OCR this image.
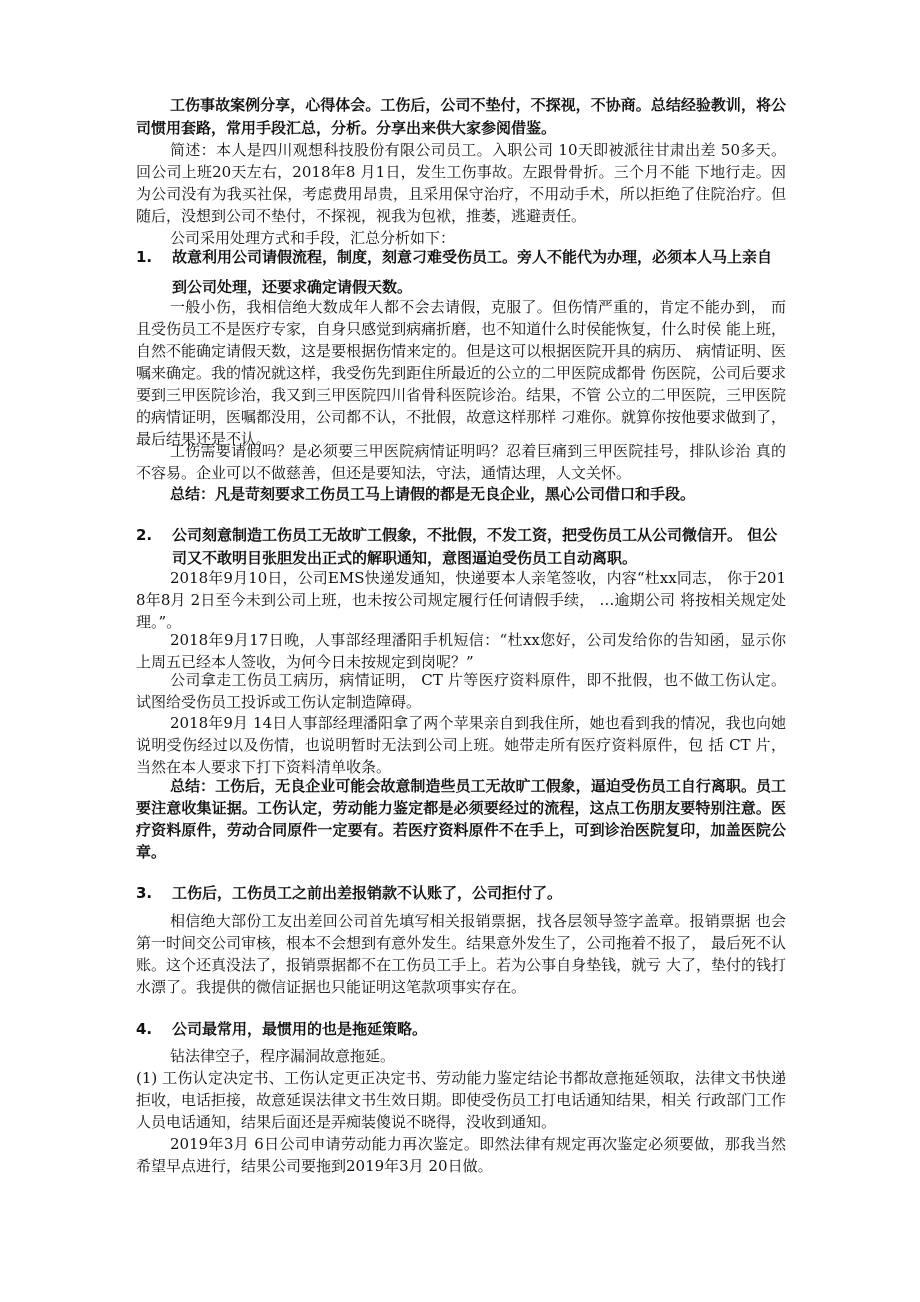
工伤事故案例分享，心得体会。工伤后，公司不垫付，不探视，不协商。总结经验教训，将公司惯用套路，常用手段汇总，分析。分享出来供大家参阅借鉴。
简述：本人是四川观想科技股份有限公司员工。入职公司 10天即被派往甘肃出差 50多天。回公司上班20天左右，2018年8 月1日，发生工伤事故。左跟骨骨折。三个月不能 下地行走。因为公司没有为我买社保，考虑费用昂贵，且采用保守治疗，不用动手术，所以拒绝了住院治疗。但随后，没想到公司不垫付，不探视，视我为包袱，推萎，逃避责任。
公司采用处理方式和手段，汇总分析如下：
1.	故意利用公司请假流程，制度，刻意刁难受伤员工。旁人不能代为办理，必须本人马上亲自到公司处理，还要求确定请假天数。
一般小伤，我相信绝大数成年人都不会去请假，克服了。但伤情严重的，肯定不能办到， 而且受伤员工不是医疗专家，自身只感觉到病痛折磨，也不知道什么时侯能恢复，什么时侯 能上班，自然不能确定请假天数，这是要根据伤情来定的。但是这可以根据医院开具的病历、 病情证明、医嘱来确定。我的情况就这样，我受伤先到距住所最近的公立的二甲医院成都骨 伤医院，公司后要求要到三甲医院诊治，我又到三甲医院四川省骨科医院诊治。结果，不管 公立的二甲医院，三甲医院的病情证明，医嘱都没用，公司都不认，不批假，故意这样那样 刁难你。就算你按他要求做到了，最后结果还是不认。
工伤需要请假吗？是必须要三甲医院病情证明吗？忍着巨痛到三甲医院挂号，排队诊治 真的不容易。企业可以不做慈善，但还是要知法，守法，通情达理，人文关怀。
总结：凡是苛刻要求工伤员工马上请假的都是无良企业，黑心公司借口和手段。
2.	公司刻意制造工伤员工无故旷工假象，不批假，不发工资，把受伤员工从公司微信开。 但公司又不敢明目张胆发出正式的解职通知，意图逼迫受伤员工自动离职。
2018年9月10日，公司EMS快递发通知，快递要本人亲笔签收，内容“杜xx同志， 你于2018年8月 2日至今未到公司上班，也未按公司规定履行任何请假手续， …逾期公司 将按相关规定处理。”。
2018年9月17日晚，人事部经理潘阳手机短信：“杜xx您好，公司发给你的告知函，显示你上周五已经本人签收，为何今日未按规定到岗呢？”
公司拿走工伤员工病历，病情证明， CT 片等医疗资料原件，即不批假，也不做工伤认定。试图给受伤员工投诉或工伤认定制造障碍。
2018年9月 14日人事部经理潘阳拿了两个苹果亲自到我住所，她也看到我的情况，我也向她说明受伤经过以及伤情，也说明暂时无法到公司上班。她带走所有医疗资料原件，包 括 CT 片，当然在本人要求下打下资料清单收条。
总结：工伤后，无良企业可能会故意制造些员工无故旷工假象，逼迫受伤员工自行离职。员工要注意收集证据。工伤认定，劳动能力鉴定都是必须要经过的流程，这点工伤朋友要特别注意。医疗资料原件，劳动合同原件一定要有。若医疗资料原件不在手上，可到诊治医院复印，加盖医院公章。
3.	工伤后，工伤员工之前出差报销款不认账了，公司拒付了。
相信绝大部份工友出差回公司首先填写相关报销票据，找各层领导签字盖章。报销票据 也会第一时间交公司审核，根本不会想到有意外发生。结果意外发生了，公司拖着不报了， 最后死不认账。这个还真没法了，报销票据都不在工伤员工手上。若为公事自身垫钱，就亏 大了，垫付的钱打水漂了。我提供的微信证据也只能证明这笔款项事实存在。
4.	公司最常用，最惯用的也是拖延策略。
钻法律空子，程序漏洞故意拖延。
(1) 工伤认定决定书、工伤认定更正决定书、劳动能力鉴定结论书都故意拖延领取，法律文书快递拒收，电话拒接，故意延误法律文书生效日期。即使受伤员工打电话通知结果，相关 行政部门工作人员电话通知，结果后面还是弄痴装傻说不晓得，没收到通知。
2019年3月 6日公司申请劳动能力再次鉴定。即然法律有规定再次鉴定必须要做，那我当然希望早点进行，结果公司要拖到2019年3月 20日做。
